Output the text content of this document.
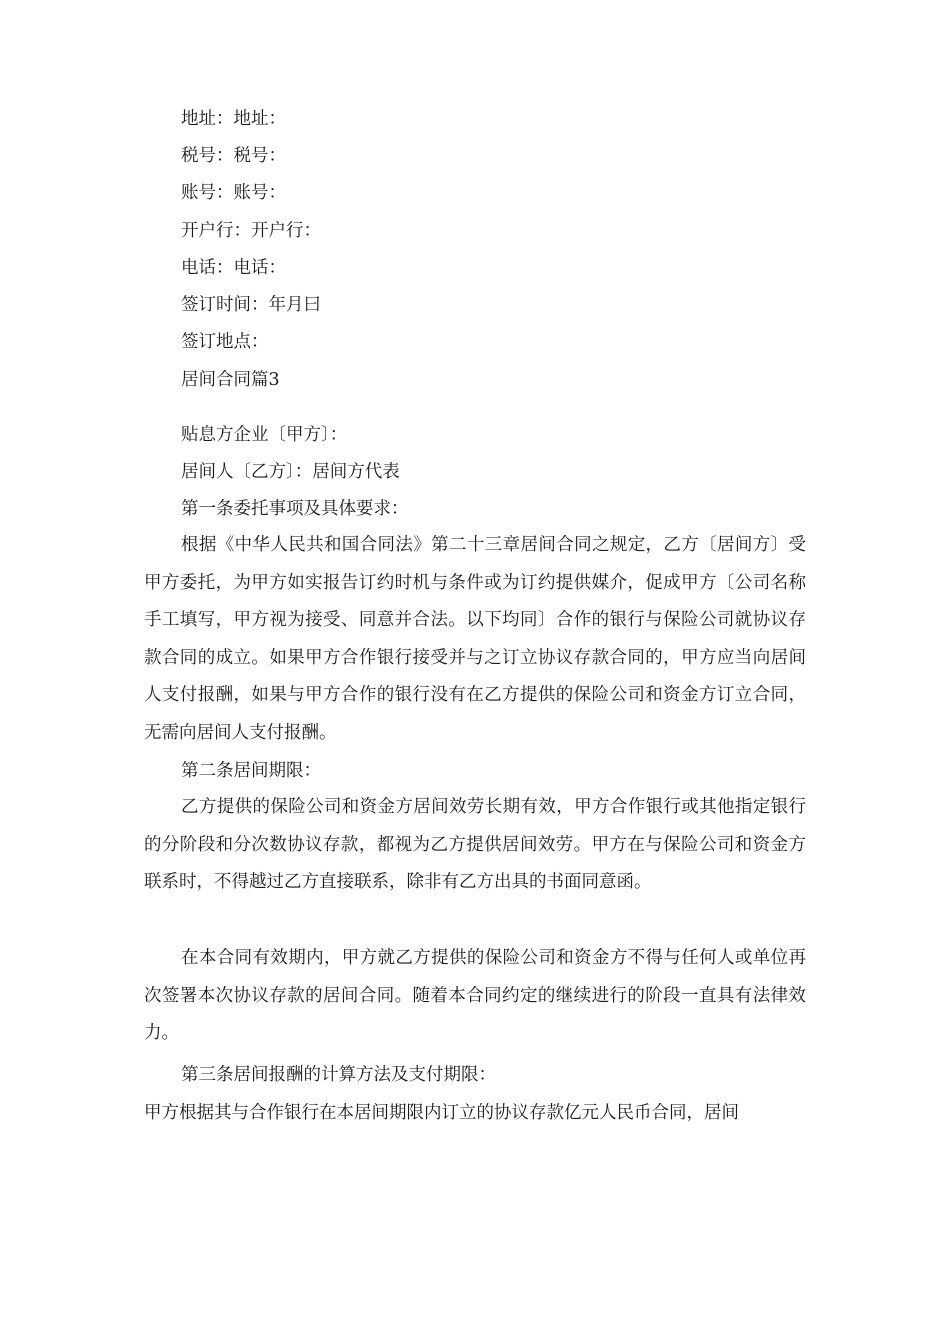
地址：地址：
税号：税号：
账号：账号：
开户行：开户行：
电话：电话：
签订时间：年月曰
签订地点：
居间合同篇3
贴息方企业〔甲方〕：
居间人〔乙方〕：居间方代表
第一条委托事项及具体要求：
根据《中华人民共和国合同法》第二十三章居间合同之规定，乙方〔居间方〕受甲方委托，为甲方如实报告订约时机与条件或为订约提供媒介，促成甲方〔公司名称手工填写，甲方视为接受、同意并合法。以下均同〕合作的银行与保险公司就协议存款合同的成立。如果甲方合作银行接受并与之订立协议存款合同的，甲方应当向居间人支付报酬，如果与甲方合作的银行没有在乙方提供的保险公司和资金方订立合同，无需向居间人支付报酬。
第二条居间期限：
乙方提供的保险公司和资金方居间效劳长期有效，甲方合作银行或其他指定银行的分阶段和分次数协议存款，都视为乙方提供居间效劳。甲方在与保险公司和资金方联系时，不得越过乙方直接联系，除非有乙方出具的书面同意函。
在本合同有效期内，甲方就乙方提供的保险公司和资金方不得与任何人或单位再次签署本次协议存款的居间合同。随着本合同约定的继续进行的阶段一直具有法律效力。
第三条居间报酬的计算方法及支付期限：
甲方根据其与合作银行在本居间期限内订立的协议存款亿元人民币合同，居间
